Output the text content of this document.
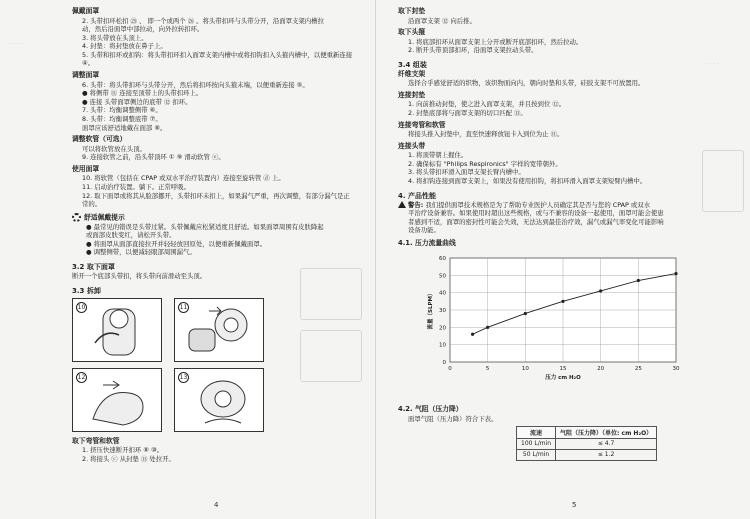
· · · · ·
佩戴面罩
2. 头带扣环松扣 ㉕ 、 即一个或两个 ㉖ 。将头带扣环与头带分开，沿面罩支架内槽拉
动，然后沿面罩中部拉动，向外拉转扣环。
3. 将头带放在头顶上。
4. 封垫：将封垫放在鼻子上。
5. 头带和扣环或扣钩：将头带扣环扣入面罩支架内槽中或将扣钩扣入头箍内槽中，以便重新连接
④。
调整面罩
6. 头带：将头带扣环与头带分开，然后将扣环按向头箍末端，以便重新连接 ⑤。
● 将侧带 ⑪ 连接至顶带上的头带扣环上。
● 连接 头带面罩侧边的底带 ⑫ 扣环。
7. 头带：均衡调整侧带 ⑥。
8. 头带：均衡调整底带 ⑦。
面罩应该舒适地戴在面部 ⑧。
调整软管（可选）
可以将软管放在头顶。
9. 连接软管之前，沿头带顶环 ① ⑨ 滑动软管 ⓔ。
使用面罩
10. 将软管（包括在 CPAP 或双水平治疗装置内）连接至旋转管 ⓓ 上。
11. 启动治疗装置。躺下。正常呼吸。
12. 取下面罩或将其从脸部挪开，头带扣环未扣上，如果漏气严重，再次调整，有部分漏气是正
常的。
舒适佩戴提示
● 最常见的错误是头带过紧。头带佩戴应松紧适度且舒适。如果面罩周围有皮肤降起
或面部皮肤变红，请松开头带。
● 将面罩从面部直接拉开并轻轻放回原处，以便重新佩戴面罩。
● 调整侧带，以便减轻眼部周围漏气。
3.2 取下面罩
断开一个底部头带扣，将头带向前滑动至头顶。
3.3 拆卸
10	11
12	13
取下弯管和软管
1. 挤压快速断开扣环 ⑧ ⑩。
2. 将接头 ⓒ 从封垫 ⑪ 处拉开。
4
· · · ·
取下封垫
沿面罩支架 ⑫ 向后推。
取下头箍
1. 将底部扣环从面罩支架上分开或断开底部扣环，然后拉动。
2. 断开头带顶部扣环，沿面罩支架拉动头带。
3.4 组装
纤维支架
选择合乎感觉舒适的织物，该织物面向内，朝向时垫和头带，硅胶支架不可放置用。
连接封垫
1. 向前推动封垫，使之进入面罩支架，并且按到位 ⑫。
2. 封垫底部将与面罩支架的切口匹配 ⑬。
连接弯管和软管
将接头推入封垫中，直至快速释放钮卡入到位为止 ⑪。
连接头带
1. 将顶带朝上握住。
2. 确保标有 "Philips Respironics" 字样的宽带朝外。
3. 将头带扣环滑入面罩支架长臂内槽中。
4. 将扣钩连接到面罩支架上，如果没有使用扣钩，将扣环滑入面罩支架短臂内槽中。
4. 产品性能
警告: 我们提供面罩技术规格是为了帮助专业医护人员确定其是否与您的 CPAP 或双水
平治疗设备兼容。如果使用时超出这些规格，或与不兼容的设备一起使用，面罩可能会使患
者感到不适，面罩的密封性可能会失效，无法达到最佳治疗效，漏气或漏气率变化可能影响
设备功能。
4.1. 压力流量曲线
0
10
20
30
40
50
60
0	5	10	15	20	25	30
压力 cm H₂O
流量（SLPM）
4.2. 气阻（压力降）
面罩气阻（压力降）符合下表。
流速	气阻（压力降）（单位: cm H₂O）
100 L/min	≤ 4.7
50 L/min	≤ 1.2
5
